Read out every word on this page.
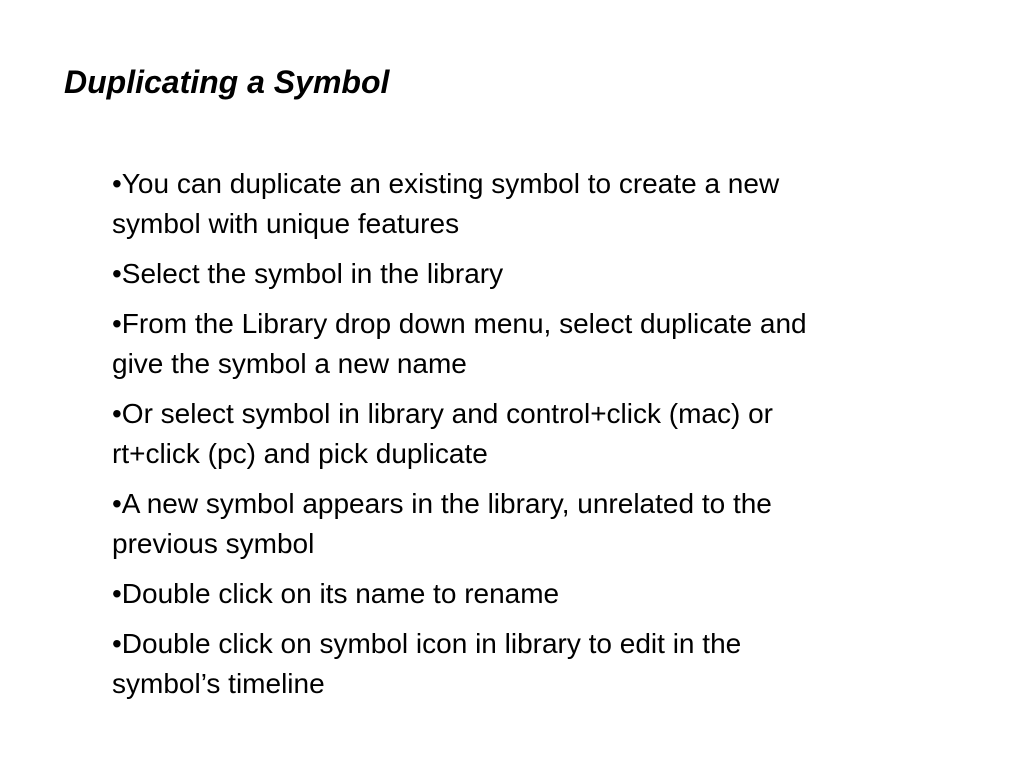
Duplicating a Symbol
•You can duplicate an existing symbol to create a new
symbol with unique features
•Select the symbol in the library
•From the Library drop down menu, select duplicate and
give the symbol a new name
•Or select symbol in library and control+click (mac) or
rt+click (pc) and pick duplicate
•A new symbol appears in the library, unrelated to the
previous symbol
•Double click on its name to rename
•Double click on symbol icon in library to edit in the
symbol’s timeline
